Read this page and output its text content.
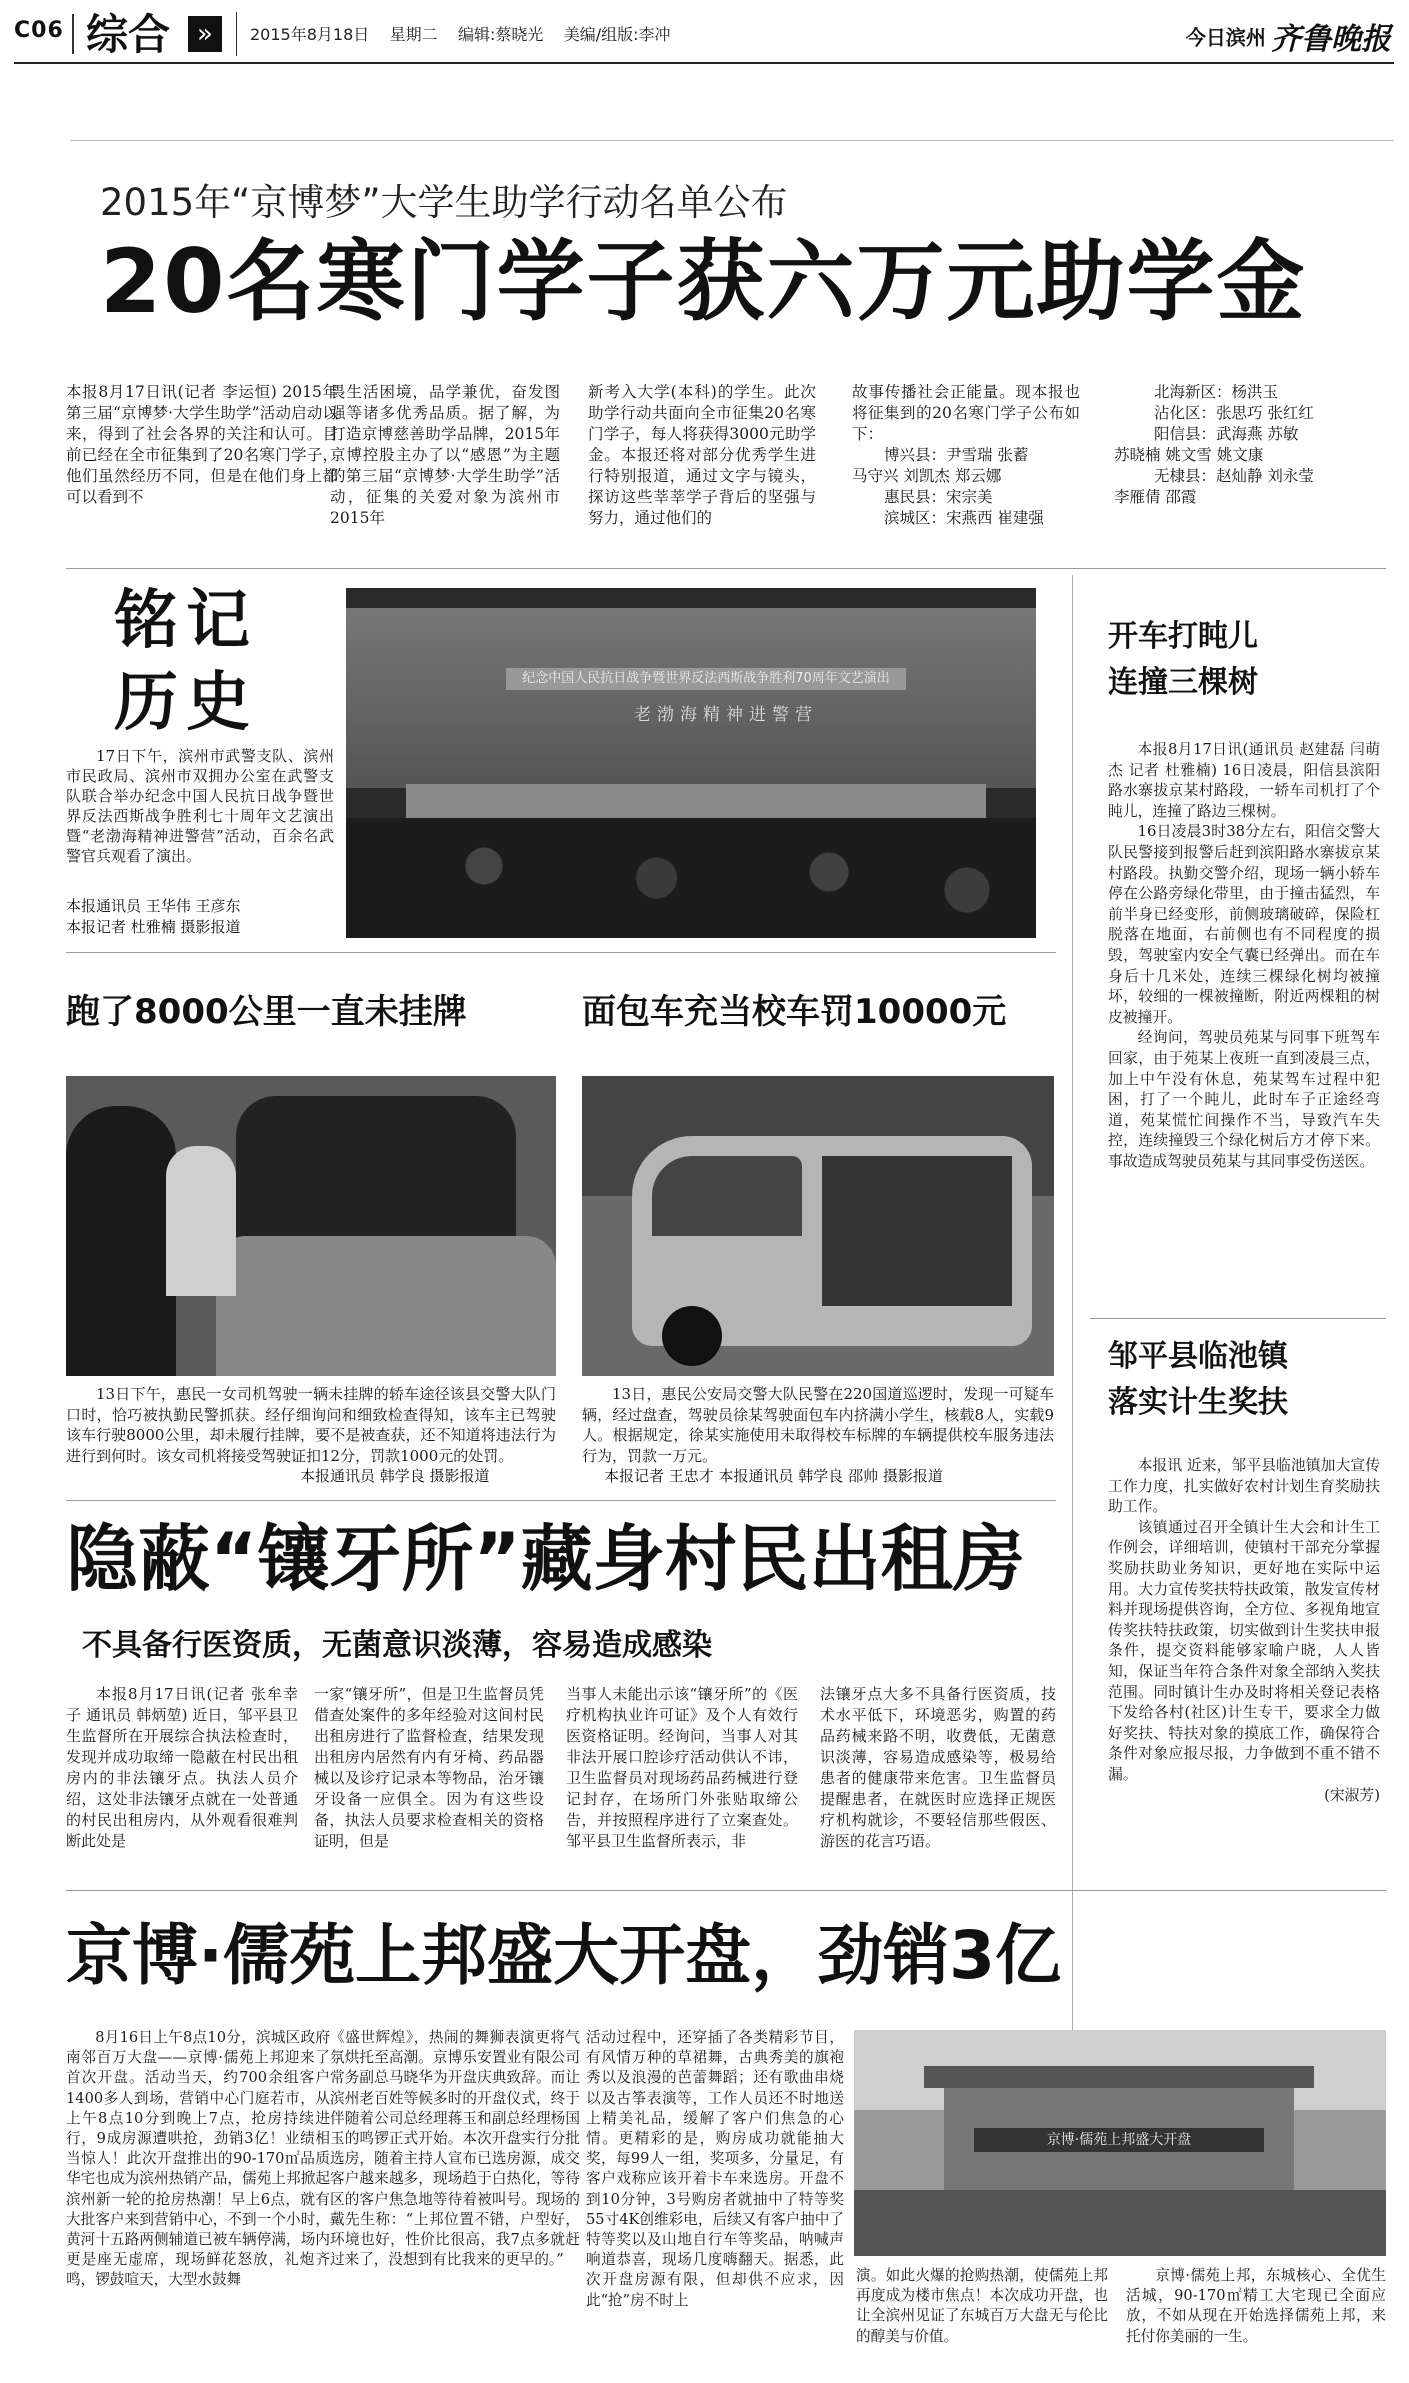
C06 综合	»	2015年8月18日 星期二 编辑:蔡晓光 美编/组版:李冲	今日滨州 齐鲁晚报
2015年“京博梦”大学生助学行动名单公布
20名寒门学子获六万元助学金
本报8月17日讯(记者 李运恒) 2015年第三届“京博梦·大学生助学”活动启动以来，得到了社会各界的关注和认可。目前已经在全市征集到了20名寒门学子，他们虽然经历不同，但是在他们身上都可以看到不
畏生活困境，品学兼优，奋发图强等诸多优秀品质。据了解，为打造京博慈善助学品牌，2015年京博控股主办了以“感恩”为主题的第三届“京博梦·大学生助学”活动，征集的关爱对象为滨州市2015年
新考入大学(本科)的学生。此次助学行动共面向全市征集20名寒门学子，每人将获得3000元助学金。本报还将对部分优秀学生进行特别报道，通过文字与镜头，探访这些莘莘学子背后的坚强与努力，通过他们的
故事传播社会正能量。现本报也将征集到的20名寒门学子公布如下：
博兴县：尹雪瑞 张蓄
马守兴 刘凯杰 郑云娜
惠民县：宋宗美
滨城区：宋燕西 崔建强
北海新区：杨洪玉
沾化区：张思巧 张红红
阳信县：武海燕 苏敏
苏晓楠 姚文雪 姚文康
无棣县：赵灿静 刘永莹
李雁倩 邵霞
铭记
历史
17日下午，滨州市武警支队、滨州市民政局、滨州市双拥办公室在武警支队联合举办纪念中国人民抗日战争暨世界反法西斯战争胜利七十周年文艺演出暨“老渤海精神进警营”活动，百余名武警官兵观看了演出。
本报通讯员 王华伟 王彦东
本报记者 杜雅楠 摄影报道
纪念中国人民抗日战争暨世界反法西斯战争胜利70周年文艺演出
老渤海精神进警营
开车打盹儿
连撞三棵树
本报8月17日讯(通讯员 赵建磊 闫萌杰 记者 杜雅楠) 16日凌晨，阳信县滨阳路水寨拔京某村路段，一轿车司机打了个盹儿，连撞了路边三棵树。
16日凌晨3时38分左右，阳信交警大队民警接到报警后赶到滨阳路水寨拔京某村路段。执勤交警介绍，现场一辆小轿车停在公路旁绿化带里，由于撞击猛烈，车前半身已经变形，前侧玻璃破碎，保险杠脱落在地面，右前侧也有不同程度的损毁，驾驶室内安全气囊已经弹出。而在车身后十几米处，连续三棵绿化树均被撞坏，较细的一棵被撞断，附近两棵粗的树皮被撞开。
经询问，驾驶员苑某与同事下班驾车回家，由于苑某上夜班一直到凌晨三点，加上中午没有休息，苑某驾车过程中犯困，打了一个盹儿，此时车子正途经弯道，苑某慌忙间操作不当，导致汽车失控，连续撞毁三个绿化树后方才停下来。事故造成驾驶员苑某与其同事受伤送医。
邹平县临池镇
落实计生奖扶
本报讯 近来，邹平县临池镇加大宣传工作力度，扎实做好农村计划生育奖励扶助工作。
该镇通过召开全镇计生大会和计生工作例会，详细培训，使镇村干部充分掌握奖励扶助业务知识，更好地在实际中运用。大力宣传奖扶特扶政策，散发宣传材料并现场提供咨询，全方位、多视角地宣传奖扶特扶政策，切实做到计生奖扶申报条件，提交资料能够家喻户晓，人人皆知，保证当年符合条件对象全部纳入奖扶范围。同时镇计生办及时将相关登记表格下发给各村(社区)计生专干，要求全力做好奖扶、特扶对象的摸底工作，确保符合条件对象应报尽报，力争做到不重不错不漏。
(宋淑芳)
跑了8000公里一直未挂牌	面包车充当校车罚10000元
13日下午，惠民一女司机驾驶一辆未挂牌的轿车途径该县交警大队门口时，恰巧被执勤民警抓获。经仔细询问和细致检查得知，该车主已驾驶该车行驶8000公里，却未履行挂牌，要不是被查获，还不知道将违法行为进行到何时。该女司机将接受驾驶证扣12分，罚款1000元的处罚。
本报通讯员 韩学良 摄影报道
13日，惠民公安局交警大队民警在220国道巡逻时，发现一可疑车辆，经过盘查，驾驶员徐某驾驶面包车内挤满小学生，核载8人，实载9人。根据规定，徐某实施使用未取得校车标牌的车辆提供校车服务违法行为，罚款一万元。
本报记者 王忠才 本报通讯员 韩学良 邵帅 摄影报道
隐蔽“镶牙所”藏身村民出租房
不具备行医资质，无菌意识淡薄，容易造成感染
本报8月17日讯(记者 张牟幸子 通讯员 韩炳堃) 近日，邹平县卫生监督所在开展综合执法检查时，发现并成功取缔一隐蔽在村民出租房内的非法镶牙点。执法人员介绍，这处非法镶牙点就在一处普通的村民出租房内，从外观看很难判断此处是
一家“镶牙所”，但是卫生监督员凭借查处案件的多年经验对这间村民出租房进行了监督检查，结果发现出租房内居然有内有牙椅、药品器械以及诊疗记录本等物品，治牙镶牙设备一应俱全。因为有这些设备，执法人员要求检查相关的资格证明，但是
当事人未能出示该“镶牙所”的《医疗机构执业许可证》及个人有效行医资格证明。经询问，当事人对其非法开展口腔诊疗活动供认不讳，卫生监督员对现场药品药械进行登记封存，在场所门外张贴取缔公告，并按照程序进行了立案查处。邹平县卫生监督所表示，非
法镶牙点大多不具备行医资质，技术水平低下，环境恶劣，购置的药品药械来路不明，收费低，无菌意识淡薄，容易造成感染等，极易给患者的健康带来危害。卫生监督员提醒患者，在就医时应选择正规医疗机构就诊，不要轻信那些假医、游医的花言巧语。
京博·儒苑上邦盛大开盘，劲销3亿
8月16日上午8点10分，滨城区政府南邻百万大盘——京博·儒苑上邦迎来了首次开盘。活动当天，约700余组客户1400多人到场，营销中心门庭若市，从上午8点10分到晚上7点，抢房持续进行，9成房源遭哄抢，劲销3亿！业绩相当惊人！此次开盘推出的90-170㎡品质华宅也成为滨州热销产品，儒苑上邦掀起滨州新一轮的抢房热潮！早上6点，就有大批客户来到营销中心，不到一个小时，黄河十五路两侧辅道已被车辆停满，场内更是座无虚席，现场鲜花怒放，礼炮齐鸣，锣鼓喧天，大型水鼓舞
《盛世辉煌》，热闹的舞狮表演更将气氛烘托至高潮。京博乐安置业有限公司常务副总马晓华为开盘庆典致辞。而让滨州老百姓等候多时的开盘仪式，终于伴随着公司总经理蒋玉和副总经理杨国玉的鸣锣正式开始。本次开盘实行分批选房，随着主持人宣布已选房源，成交客户越来越多，现场趋于白热化，等待区的客户焦急地等待着被叫号。现场的戴先生称：“上邦位置不错，户型好，环境也好，性价比很高，我7点多就赶过来了，没想到有比我来的更早的。”
活动过程中，还穿插了各类精彩节目，有风情万种的草裙舞，古典秀美的旗袍秀以及浪漫的芭蕾舞蹈；还有歌曲串烧以及古筝表演等，工作人员还不时地送上精美礼品，缓解了客户们焦急的心情。更精彩的是，购房成功就能抽大奖，每99人一组，奖项多，分量足，有客户戏称应该开着卡车来选房。开盘不到10分钟，3号购房者就抽中了特等奖55寸4K创维彩电，后续又有客户抽中了特等奖以及山地自行车等奖品，呐喊声响道恭喜，现场几度嗨翻天。据悉，此次开盘房源有限，但却供不应求，因此“抢”房不时上
京博·儒苑上邦盛大开盘
演。如此火爆的抢购热潮，使儒苑上邦再度成为楼市焦点！本次成功开盘，也让全滨州见证了东城百万大盘无与伦比的醇美与价值。
京博·儒苑上邦，东城核心、全优生活城，90-170㎡精工大宅现已全面应放，不如从现在开始选择儒苑上邦，来托付你美丽的一生。
